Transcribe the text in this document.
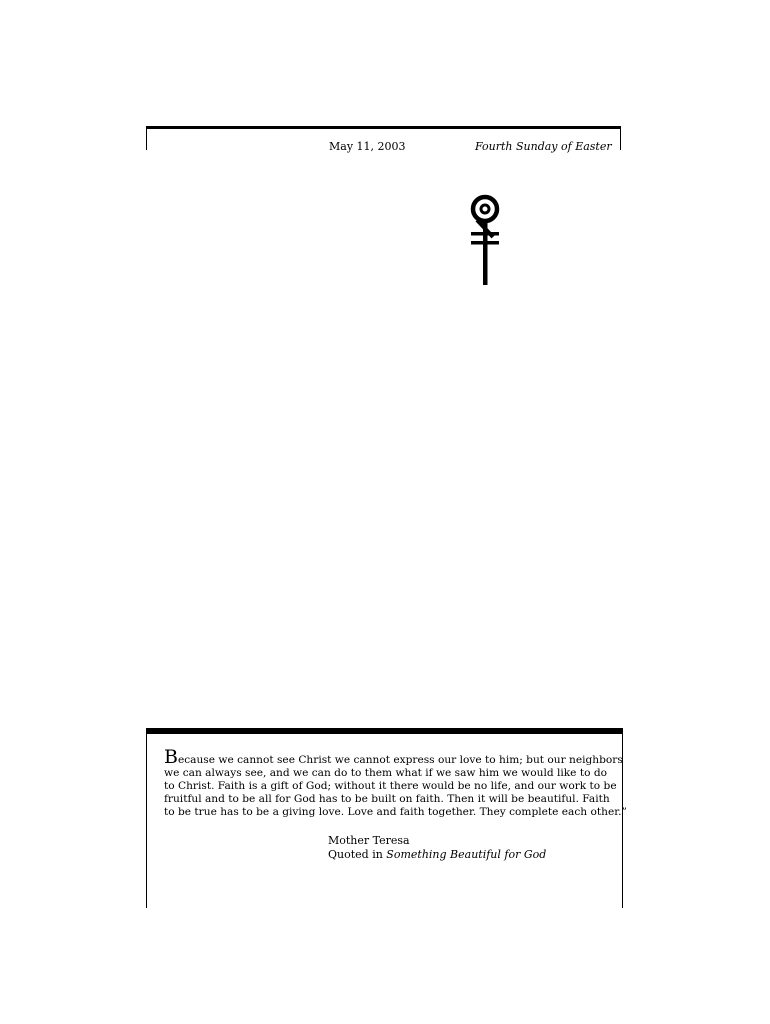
May 11, 2003	Fourth Sunday of Easter

Because we cannot see Christ we cannot express our love to him; but our neighbors
we can always see, and we can do to them what if we saw him we would like to do
to Christ. Faith is a gift of God; without it there would be no life, and our work to be
fruitful and to be all for God has to be built on faith. Then it will be beautiful. Faith
to be true has to be a giving love. Love and faith together. They complete each other.”

Mother Teresa
Quoted in Something Beautiful for God
